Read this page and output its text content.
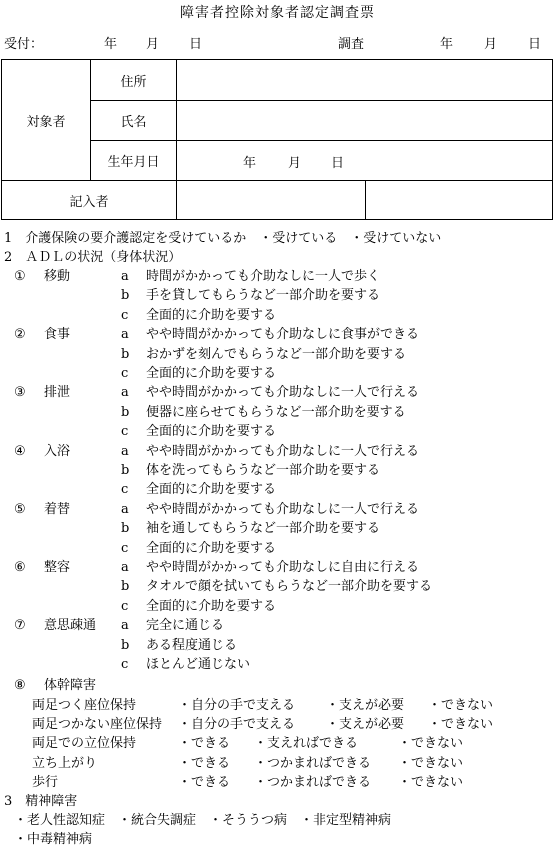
障害者控除対象者認定調査票
受付：	年 月 日	調査	年 月 日
対象者
住所
氏名
生年月日	年 月 日
記入者
1　介護保険の要介護認定を受けているか　・受けている　・受けていない
2　ＡＤＬの状況（身体状況）
① 移動	a 時間がかかっても介助なしに一人で歩く
b 手を貸してもらうなど一部介助を要する
c 全面的に介助を要する
② 食事	a やや時間がかかっても介助なしに食事ができる
b おかずを刻んでもらうなど一部介助を要する
c 全面的に介助を要する
③ 排泄	a やや時間がかかっても介助なしに一人で行える
b 便器に座らせてもらうなど一部介助を要する
c 全面的に介助を要する
④ 入浴	a やや時間がかかっても介助なしに一人で行える
b 体を洗ってもらうなど一部介助を要する
c 全面的に介助を要する
⑤ 着替	a やや時間がかかっても介助なしに一人で行える
b 袖を通してもらうなど一部介助を要する
c 全面的に介助を要する
⑥ 整容	a やや時間がかかっても介助なしに自由に行える
b タオルで顔を拭いてもらうなど一部介助を要する
c 全面的に介助を要する
⑦ 意思疎通 a 完全に通じる
b ある程度通じる
c ほとんど通じない
⑧ 体幹障害
両足つく座位保持	・自分の手で支える ・支えが必要 ・できない
両足つかない座位保持 ・自分の手で支える ・支えが必要 ・できない
両足での立位保持	・できる ・支えればできる	・できない
立ち上がり	・できる ・つかまればできる ・できない
歩行	・できる ・つかまればできる ・できない
3　精神障害
・老人性認知症　・統合失調症　・そううつ病　・非定型精神病
・中毒精神病
